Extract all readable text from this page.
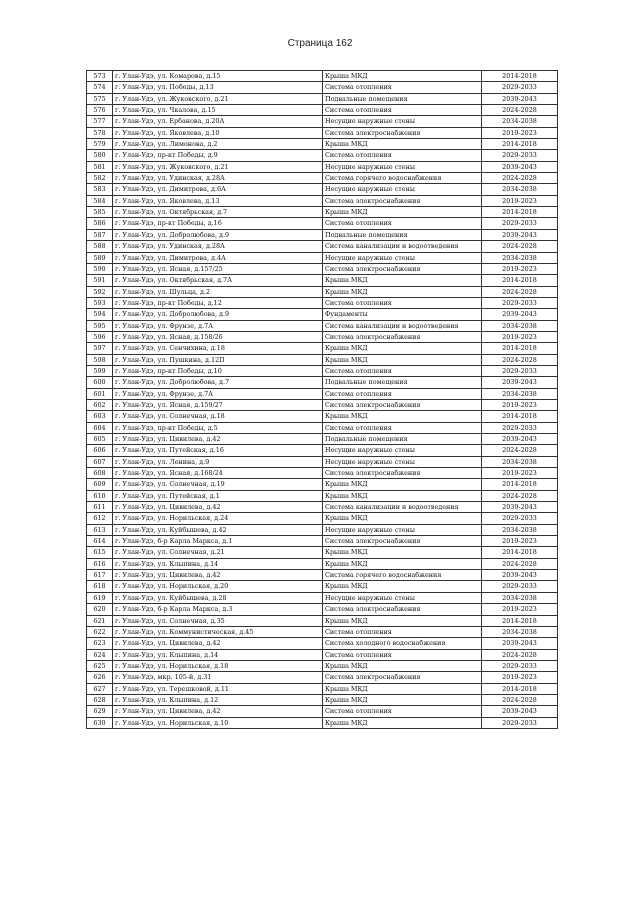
Страница 162
573	г. Улан-Удэ, ул. Комарова, д.15	Крыша МКД	2014-2018
574	г. Улан-Удэ, ул. Победы, д.13	Система отопления	2029-2033
575	г. Улан-Удэ, ул. Жуковского, д.21	Подвальные помещения	2039-2043
576	г. Улан-Удэ, ул. Чкалова, д.15	Система отопления	2024-2028
577	г. Улан-Удэ, ул. Ербанова, д.20А	Несущие наружные стены	2034-2038
578	г. Улан-Удэ, ул. Яковлева, д.10	Система электроснабжения	2019-2023
579	г. Улан-Удэ, ул. Лимонова, д.2	Крыша МКД	2014-2018
580	г. Улан-Удэ, пр-кт Победы, д.9	Система отопления	2029-2033
581	г. Улан-Удэ, ул. Жуковского, д.21	Несущие наружные стены	2039-2043
582	г. Улан-Удэ, ул. Удинская, д.28А	Система горячего водоснабжения	2024-2028
583	г. Улан-Удэ, ул. Димитрова, д.6А	Несущие наружные стены	2034-2038
584	г. Улан-Удэ, ул. Яковлева, д.13	Система электроснабжения	2019-2023
585	г. Улан-Удэ, ул. Октябрьская, д.7	Крыша МКД	2014-2018
586	г. Улан-Удэ, пр-кт Победы, д.16	Система отопления	2029-2033
587	г. Улан-Удэ, ул. Добролюбова, д.9	Подвальные помещения	2039-2043
588	г. Улан-Удэ, ул. Удинская, д.28А	Система канализации и водоотведения	2024-2028
589	г. Улан-Удэ, ул. Димитрова, д.4А	Несущие наружные стены	2034-2038
590	г. Улан-Удэ, ул. Ясная, д.157/25	Система электроснабжения	2019-2023
591	г. Улан-Удэ, ул. Октябрьская, д.7А	Крыша МКД	2014-2018
592	г. Улан-Удэ, ул. Шульца, д.2	Крыша МКД	2024-2028
593	г. Улан-Удэ, пр-кт Победы, д.12	Система отопления	2029-2033
594	г. Улан-Удэ, ул. Добролюбова, д.9	Фундаменты	2039-2043
595	г. Улан-Удэ, ул. Фрунзе, д.7А	Система канализации и водоотведения	2034-2038
596	г. Улан-Удэ, ул. Ясная, д.158/26	Система электроснабжения	2019-2023
597	г. Улан-Удэ, ул. Сенчихина, д.18	Крыша МКД	2014-2018
598	г. Улан-Удэ, ул. Пушкина, д.12П	Крыша МКД	2024-2028
599	г. Улан-Удэ, пр-кт Победы, д.10	Система отопления	2029-2033
600	г. Улан-Удэ, ул. Добролюбова, д.7	Подвальные помещения	2039-2043
601	г. Улан-Удэ, ул. Фрунзе, д.7А	Система отопления	2034-2038
602	г. Улан-Удэ, ул. Ясная, д.159/27	Система электроснабжения	2019-2023
603	г. Улан-Удэ, ул. Солнечная, д.18	Крыша МКД	2014-2018
604	г. Улан-Удэ, пр-кт Победы, д.5	Система отопления	2029-2033
605	г. Улан-Удэ, ул. Цивилева, д.42	Подвальные помещения	2039-2043
606	г. Улан-Удэ, ул. Путейская, д.16	Несущие наружные стены	2024-2028
607	г. Улан-Удэ, ул. Ленина, д.9	Несущие наружные стены	2034-2038
608	г. Улан-Удэ, ул. Ясная, д.168/24	Система электроснабжения	2019-2023
609	г. Улан-Удэ, ул. Солнечная, д.19	Крыша МКД	2014-2018
610	г. Улан-Удэ, ул. Путейская, д.1	Крыша МКД	2024-2028
611	г. Улан-Удэ, ул. Цивилева, д.42	Система канализации и водоотведения	2039-2043
612	г. Улан-Удэ, ул. Норильская, д.24	Крыша МКД	2029-2033
613	г. Улан-Удэ, ул. Куйбышева, д.42	Несущие наружные стены	2034-2038
614	г. Улан-Удэ, б-р Карла Маркса, д.1	Система электроснабжения	2019-2023
615	г. Улан-Удэ, ул. Солнечная, д.21	Крыша МКД	2014-2018
616	г. Улан-Удэ, ул. Клыпина, д.14	Крыша МКД	2024-2028
617	г. Улан-Удэ, ул. Цивилева, д.42	Система горячего водоснабжения	2039-2043
618	г. Улан-Удэ, ул. Норильская, д.20	Крыша МКД	2029-2033
619	г. Улан-Удэ, ул. Куйбышева, д.28	Несущие наружные стены	2034-2038
620	г. Улан-Удэ, б-р Карла Маркса, д.3	Система электроснабжения	2019-2023
621	г. Улан-Удэ, ул. Солнечная, д.35	Крыша МКД	2014-2018
622	г. Улан-Удэ, ул. Коммунистическая, д.45	Система отопления	2034-2038
623	г. Улан-Удэ, ул. Цивилева, д.42	Система холодного водоснабжения	2039-2043
624	г. Улан-Удэ, ул. Клыпина, д.14	Система отопления	2024-2028
625	г. Улан-Удэ, ул. Норильская, д.18	Крыша МКД	2029-2033
626	г. Улан-Удэ, мкр. 105-й, д.31	Система электроснабжения	2019-2023
627	г. Улан-Удэ, ул. Терешковой, д.11	Крыша МКД	2014-2018
628	г. Улан-Удэ, ул. Клыпина, д.12	Крыша МКД	2024-2028
629	г. Улан-Удэ, ул. Цивилева, д.42	Система отопления	2039-2043
630	г. Улан-Удэ, ул. Норильская, д.10	Крыша МКД	2029-2033
